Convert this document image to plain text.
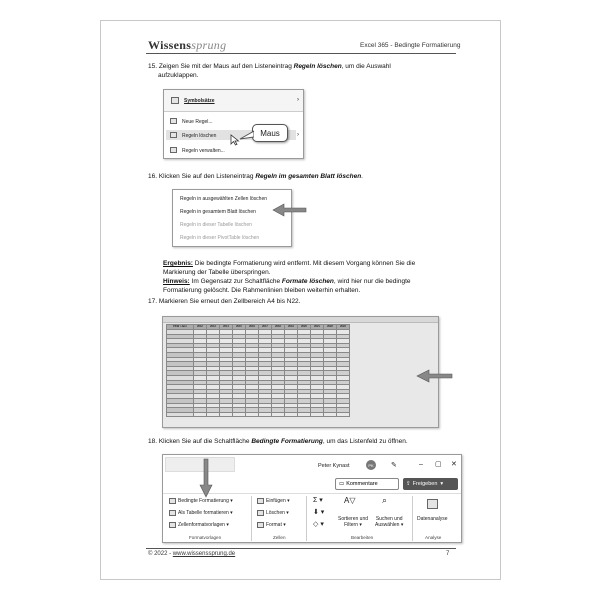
Wissenssprung	Excel 365 - Bedingte Formatierung
15. Zeigen Sie mit der Maus auf den Listeneintrag Regeln löschen, um die Auswahl
aufzuklappen.
Symbolsätze	›
Neue Regel...
Regeln löschen	›
Regeln verwalten...
Maus
16. Klicken Sie auf den Listeneintrag Regeln im gesamten Blatt löschen.
Regeln in ausgewählten Zellen löschen
Regeln in gesamtem Blatt löschen
Regeln in dieser Tabelle löschen
Regeln in dieser PivotTable löschen
Ergebnis: Die bedingte Formatierung wird entfernt. Mit diesem Vorgang können Sie die
Markierung der Tabelle überspringen.
Hinweis: Im Gegensatz zur Schaltfläche Formate löschen, wird hier nur die bedingte
Formatierung gelöscht. Die Rahmenlinien bleiben weiterhin erhalten.
17. Markieren Sie erneut den Zellbereich A4 bis N22.
PKW / Jahr	2012	2013	2014	2015	2016	2017	2018	2019	2020	2021	2022	2023

18. Klicken Sie auf die Schaltfläche Bedingte Formatierung, um das Listenfeld zu öffnen.
Peter Kynast	PK	✎	– ▢ ✕
▭ Kommentare	⇪ Freigeben ▾
Bedingte Formatierung ▾
Als Tabelle formatieren ▾
Zellenformatvorlagen ▾
Formatvorlagen
Einfügen ▾
Löschen ▾
Format ▾
Zellen
Σ ▾
⬇ ▾
◇ ▾
A▽
Sortieren und
Filtern ▾
⌕
Suchen und
Auswählen ▾
Bearbeiten
Datenanalyse
Analyse
© 2022 - www.wissenssprung.de	7
